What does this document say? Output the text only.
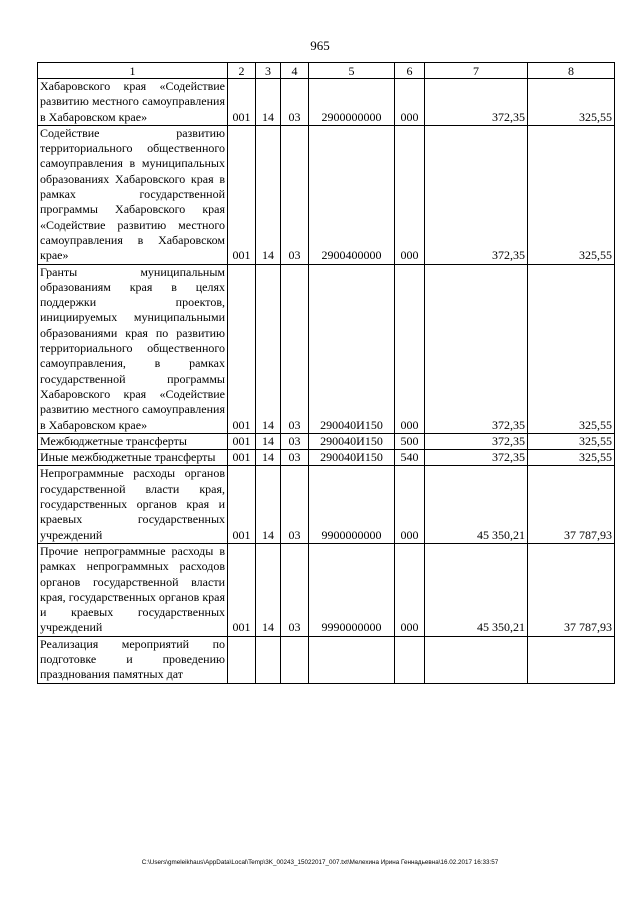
965
1	2	3	4	5	6	7	8
Хабаровского края «Содействие развитию местного самоуправления в Хабаровском крае»	001	14	03	2900000000	000	372,35	325,55
Содействие развитию территориального общественного самоуправления в муниципальных образованиях Хабаровского края в рамках государственной программы Хабаровского края «Содействие развитию местного самоуправления в Хабаровском крае»	001	14	03	2900400000	000	372,35	325,55
Гранты муниципальным образованиям края в целях поддержки проектов, инициируемых муниципальными образованиями края по развитию территориального общественного самоуправления, в рамках государственной программы Хабаровского края «Содействие развитию местного самоуправления в Хабаровском крае»	001	14	03	290040И150	000	372,35	325,55
Межбюджетные трансферты	001	14	03	290040И150	500	372,35	325,55
Иные межбюджетные трансферты	001	14	03	290040И150	540	372,35	325,55
Непрограммные расходы органов государственной власти края, государственных органов края и краевых государственных учреждений	001	14	03	9900000000	000	45 350,21	37 787,93
Прочие непрограммные расходы в рамках непрограммных расходов органов государственной власти края, государственных органов края и краевых государственных учреждений	001	14	03	9990000000	000	45 350,21	37 787,93
Реализация мероприятий по подготовке и проведению празднования памятных дат							
C:\Users\gmeleikhaus\AppData\Local\Temp\3K_00243_15022017_007.txt\Мелехина Ирина Геннадьевна\16.02.2017 16:33:57
